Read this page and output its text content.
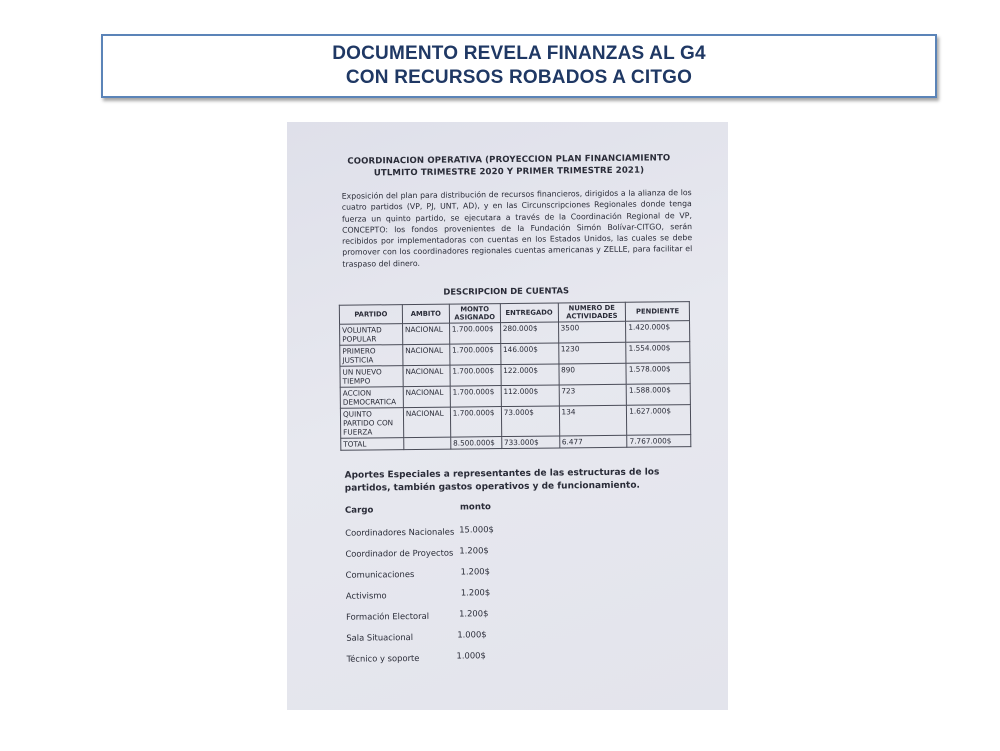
DOCUMENTO REVELA FINANZAS AL G4
CON RECURSOS ROBADOS A CITGO
COORDINACION OPERATIVA (PROYECCION PLAN FINANCIAMIENTO
UTLMITO TRIMESTRE 2020 Y PRIMER TRIMESTRE 2021)
Exposición del plan para distribución de recursos financieros, dirigidos a la alianza de los cuatro partidos (VP, PJ, UNT, AD), y en las Circunscripciones Regionales donde tenga fuerza un quinto partido, se ejecutara a través de la Coordinación Regional de VP, CONCEPTO: los fondos provenientes de la Fundación Simón Bolívar-CITGO, serán recibidos por implementadoras con cuentas en los Estados Unidos, las cuales se debe promover con los coordinadores regionales cuentas americanas y ZELLE, para facilitar el traspaso del dinero.
DESCRIPCION DE CUENTAS
PARTIDO	AMBITO	MONTO ASIGNADO	ENTREGADO	NUMERO DE ACTIVIDADES	PENDIENTE
VOLUNTAD POPULAR	NACIONAL	1.700.000$	280.000$	3500	1.420.000$
PRIMERO JUSTICIA	NACIONAL	1.700.000$	146.000$	1230	1.554.000$
UN NUEVO TIEMPO	NACIONAL	1.700.000$	122.000$	890	1.578.000$
ACCION DEMOCRATICA	NACIONAL	1.700.000$	112.000$	723	1.588.000$
QUINTO PARTIDO CON FUERZA	NACIONAL	1.700.000$	73.000$	134	1.627.000$
TOTAL		8.500.000$	733.000$	6.477	7.767.000$
Aportes Especiales a representantes de las estructuras de los partidos, también gastos operativos y de funcionamiento.
Cargo	monto
Coordinadores Nacionales 15.000$
Coordinador de Proyectos 1.200$
Comunicaciones	1.200$
Activismo	1.200$
Formación Electoral	1.200$
Sala Situacional	1.000$
Técnico y soporte	1.000$
